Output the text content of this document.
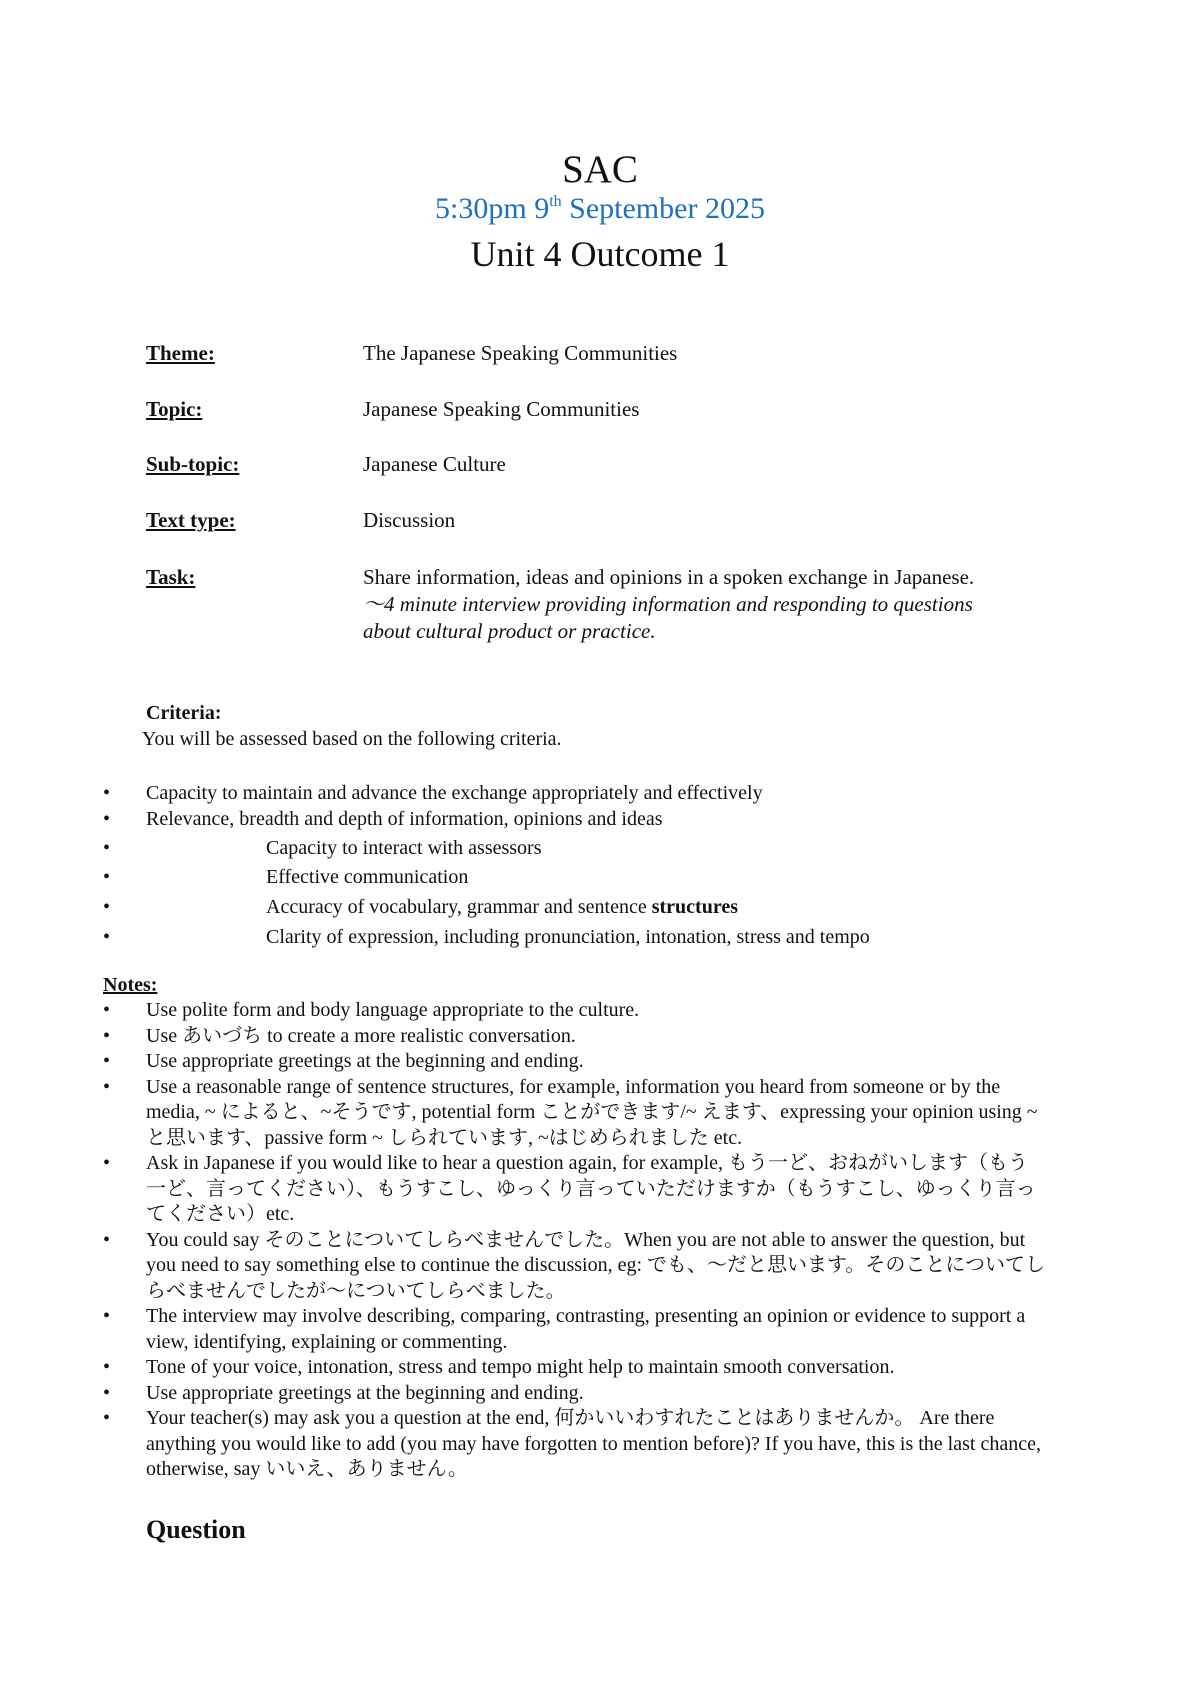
SAC
5:30pm 9th September 2025
Unit 4 Outcome 1
Theme:	The Japanese Speaking Communities
Topic:	Japanese Speaking Communities
Sub-topic:	Japanese Culture
Text type:	Discussion
Task:	Share information, ideas and opinions in a spoken exchange in Japanese.
〜4 minute interview providing information and responding to questions about cultural product or practice.
Criteria:
You will be assessed based on the following criteria.
• Capacity to maintain and advance the exchange appropriately and effectively
• Relevance, breadth and depth of information, opinions and ideas
•	Capacity to interact with assessors
•	Effective communication
•	Accuracy of vocabulary, grammar and sentence structures
•	Clarity of expression, including pronunciation, intonation, stress and tempo
Notes:

• Use polite form and body language appropriate to the culture.

• Use あいづち to create a more realistic conversation.

• Use appropriate greetings at the beginning and ending.

• Use a reasonable range of sentence structures, for example, information you heard from someone or by the media, ~ によると、~そうです, potential form ことができます/~ えます、expressing your opinion using ~と思います、passive form ~ しられています, ~はじめられました etc.

• Ask in Japanese if you would like to hear a question again, for example, もう一ど、おねがいします（もう一ど、言ってください）、もうすこし、ゆっくり言っていただけますか（もうすこし、ゆっくり言ってください）etc.

• You could say そのことについてしらべませんでした。When you are not able to answer the question, but you need to say something else to continue the discussion, eg: でも、〜だと思います。そのことについてしらべませんでしたが〜についてしらべました。

• The interview may involve describing, comparing, contrasting, presenting an opinion or evidence to support a view, identifying, explaining or commenting.

• Tone of your voice, intonation, stress and tempo might help to maintain smooth conversation.

• Use appropriate greetings at the beginning and ending.

• Your teacher(s) may ask you a question at the end, 何かいいわすれたことはありませんか。 Are there anything you would like to add (you may have forgotten to mention before)? If you have, this is the last chance, otherwise, say いいえ、ありません。

Question
